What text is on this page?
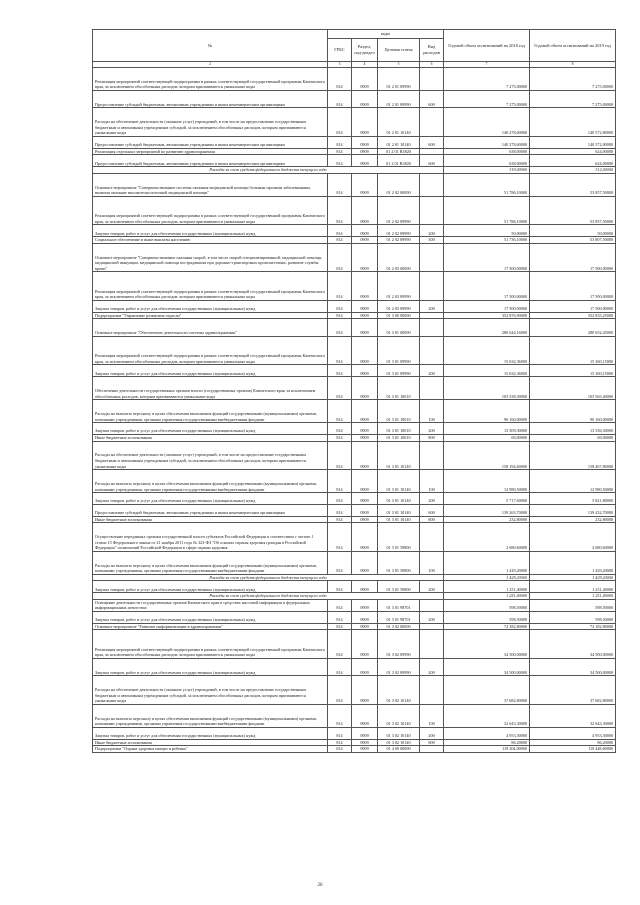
№	коды				Годовой объем ассигнований на 2018 год	Годовой объем ассигнований на 2019 год
	ГРБС	Раздел, под-раздел	Целевая статья	Вид расходов		
2	3	4	5	6	7	8
Реализация мероприятий соответствующей подпрограммы в рамках соответствующей государственной программы Камчатского края, за исключением обособленных расходов, которым присваиваются уникальные коды	814	0909	01 2 01 09990		7 275,00000	7 275,00000
Предоставление субсидий бюджетным, автономным учреждениям и иным некоммерческим организациям	814	0909	01 2 01 09990	600	7 275,00000	7 275,00000
Расходы на обеспечение деятельности (оказание услуг) учреждений, в том числе на предоставление государственным бюджетным и автономным учреждениям субсидий, за исключением обособленных расходов, которым присваиваются уникальные коды	814	0909	01 2 01 10140		140 278,60000	140 572,80000
Предоставление субсидий бюджетным, автономным учреждениям и иным некоммерческим организациям	814	0909	01 2 01 10140	600	140 278,60000	140 572,80000
Реализация отдельных мероприятий по развитию здравоохранения	814	0909	01 2 01 R3820		638,00000	624,00000
Предоставление субсидий бюджетным, автономным учреждениям и иным некоммерческим организациям	814	0909	01 2 01 R3820	600	638,00000	624,00000
Расходы за счет средств федерального бюджета текущего года					319,00000	312,00000
Основное мероприятие "Совершенствование системы оказания медицинской помощи больным прочими заболеваниями, включая оказание высокотехнологичной медицинской помощи"	814	0909	01 2 02 00000		51 786,10000	53 857,50000
Реализация мероприятий соответствующей подпрограммы в рамках соответствующей государственной программы Камчатского края, за исключением обособленных расходов, которым присваиваются уникальные коды	814	0909	01 2 02 09990		51 786,10000	53 857,50000
Закупка товаров, работ и услуг для обеспечения государственных (муниципальных) нужд	814	0909	01 2 02 09990	200	50,00000	50,00000
Социальное обеспечение и иные выплаты населению	814	0909	01 2 02 09990	300	51 736,10000	53 807,50000
Основное мероприятие "Совершенствование оказания скорой, в том числе скорой специализированной, медицинской помощи, медицинской эвакуации, медицинской помощи пострадавшим при дорожно-транспортных происшествиях, развитие службы крови"	814	0909	01 2 03 00000		17 500,00000	17 500,00000
Реализация мероприятий соответствующей подпрограммы в рамках соответствующей государственной программы Камчатского края, за исключением обособленных расходов, которым присваиваются уникальные коды	814	0909	01 2 03 09990		17 500,00000	17 500,00000
Закупка товаров, работ и услуг для обеспечения государственных (муниципальных) нужд	814	0909	01 2 03 09990	200	17 500,00000	17 500,00000
Подпрограмма "Управление развитием отрасли"	814	0909	01 3 00 00000		352 876,90000	352 835,25000
Основное мероприятие "Обеспечение деятельности системы здравоохранения"	814	0909	01 3 01 00000		280 644,16000	280 652,45000
Реализация мероприятий соответствующей подпрограммы в рамках соответствующей государственной программы Камчатского края, за исключением обособленных расходов, которым присваиваются уникальные коды	814	0909	01 3 01 09990		15 632,36000	15 360,15000
Закупка товаров, работ и услуг для обеспечения государственных (муниципальных) нужд	814	0909	01 3 01 09990	200	15 632,36000	15 360,15000
Обеспечение деятельности государственных органов власти (государственных органов) Камчатского края, за исключением обособленных расходов, которым присваиваются уникальные коды	814	0909	01 3 01 10010		103 538,30000	103 565,40000
Расходы на выплаты персоналу в целях обеспечения выполнения функций государственными (муниципальными) органами, казенными учреждениями, органами управления государственными внебюджетными фондами	814	0909	01 3 01 10010	100	90 160,00000	90 160,00000
Закупка товаров, работ и услуг для обеспечения государственных (муниципальных) нужд	814	0909	01 3 01 10010	200	13 309,30000	13 336,30000
Иные бюджетные ассигнования	814	0909	01 3 01 10010	800	69,00000	69,00000
Расходы на обеспечение деятельности (оказание услуг) учреждений, в том числе на предоставление государственным бюджетным и автономным учреждениям субсидий, за исключением обособленных расходов, которым присваиваются уникальные коды	814	0909	01 3 01 10140		158 194,60000	158 467,80000
Расходы на выплаты персоналу в целях обеспечения выполнения функций государственными (муниципальными) органами, казенными учреждениями, органами управления государственными внебюджетными фондами	814	0909	01 3 01 10140	100	12 980,50000	12 980,50000
Закупка товаров, работ и услуг для обеспечения государственных (муниципальных) нужд	814	0909	01 3 01 10140	200	5 717,60000	5 821,80000
Предоставление субсидий бюджетным, автономным учреждениям и иным некоммерческим организациям	814	0909	01 3 01 10140	600	139 263,70000	139 432,70000
Иные бюджетные ассигнования	814	0909	01 3 01 10140	800	232,80000	232,80000
Осуществление переданных органам государственной власти субъектов Российской Федерации в соответствии с частью 1 статьи 15 Федерального закона от 21 ноября 2011 года № 323-ФЗ "Об основах охраны здоровья граждан в Российской Федерации" полномочий Российской Федерации в сфере охраны здоровья	814	0909	01 3 01 59800		2 680,60000	2 680,60000
Расходы на выплаты персоналу в целях обеспечения выполнения функций государственными (муниципальными) органами, казенными учреждениями, органами управления государственными внебюджетными фондами	814	0909	01 3 01 59800	100	1 429,20000	1 429,20000
Расходы за счет средств федерального бюджета текущего года					1 429,20000	1 429,20000
Закупка товаров, работ и услуг для обеспечения государственных (муниципальных) нужд	814	0909	01 3 01 59800	200	1 251,40000	1 251,40000
Расходы за счет средств федерального бюджета текущего года					1 251,40000	1 251,40000
Освещение деятельности государственных органов Камчатского края в средствах массовой информации и федеральных информационных агентствах	814	0909	01 3 01 98701		598,50000	598,50000
Закупка товаров, работ и услуг для обеспечения государственных (муниципальных) нужд	814	0909	01 3 01 98701	200	598,50000	598,50000
Основное мероприятие "Развитие информатизации в здравоохранении"	814	0909	01 3 02 00000		72 182,80000	72 182,80000
Реализация мероприятий соответствующей подпрограммы в рамках соответствующей государственной программы Камчатского края, за исключением обособленных расходов, которым присваиваются уникальные коды	814	0909	01 3 02 09990		34 500,00000	34 500,00000
Закупка товаров, работ и услуг для обеспечения государственных (муниципальных) нужд	814	0909	01 3 02 09990	200	34 500,00000	34 500,00000
Расходы на обеспечение деятельности (оказание услуг) учреждений, в том числе на предоставление государственным бюджетным и автономным учреждениям субсидий, за исключением обособленных расходов, которым присваиваются уникальные коды	814	0909	01 3 02 10140		37 682,80000	37 682,80000
Расходы на выплаты персоналу в целях обеспечения выполнения функций государственными (муниципальными) органами, казенными учреждениями, органами управления государственными внебюджетными фондами	814	0909	01 3 02 10140	100	32 643,30000	32 643,30000
Закупка товаров, работ и услуг для обеспечения государственных (муниципальных) нужд	814	0909	01 3 02 10140	200	4 953,30000	4 953,30000
Иные бюджетные ассигнования	814	0909	01 3 02 10140	800	86,20000	86,20000
Подпрограмма "Охрана здоровья матери и ребенка"	814	0909	01 4 00 00000		119 204,00000	119 448,60000
26
